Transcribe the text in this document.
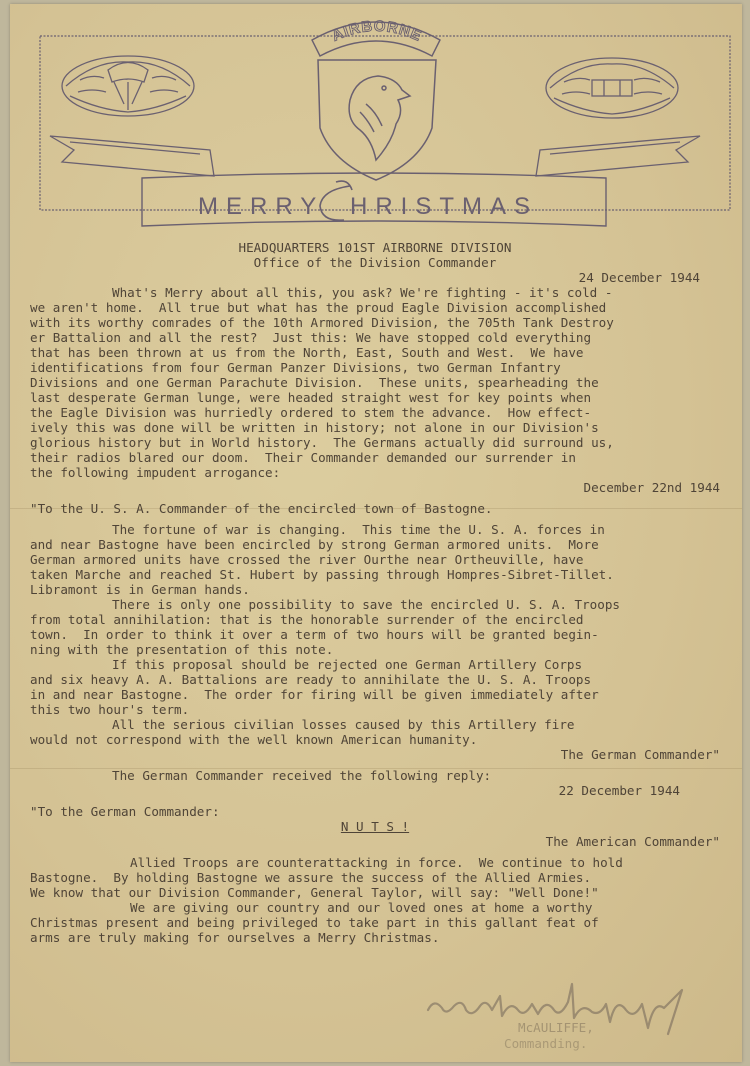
AIRBORNE
MERRY HRISTMAS
HEADQUARTERS 101ST AIRBORNE DIVISION
Office of the Division Commander
24 December 1944
What's Merry about all this, you ask? We're fighting - it's cold -
we aren't home.  All true but what has the proud Eagle Division accomplished
with its worthy comrades of the 10th Armored Division, the 705th Tank Destroy
er Battalion and all the rest?  Just this: We have stopped cold everything
that has been thrown at us from the North, East, South and West.  We have
identifications from four German Panzer Divisions, two German Infantry
Divisions and one German Parachute Division.  These units, spearheading the
last desperate German lunge, were headed straight west for key points when
the Eagle Division was hurriedly ordered to stem the advance.  How effect-
ively this was done will be written in history; not alone in our Division's
glorious history but in World history.  The Germans actually did surround us,
their radios blared our doom.  Their Commander demanded our surrender in
the following impudent arrogance:
December 22nd 1944
"To the U. S. A. Commander of the encircled town of Bastogne.
The fortune of war is changing.  This time the U. S. A. forces in
and near Bastogne have been encircled by strong German armored units.  More
German armored units have crossed the river Ourthe near Ortheuville, have
taken Marche and reached St. Hubert by passing through Hompres-Sibret-Tillet.
Libramont is in German hands.
There is only one possibility to save the encircled U. S. A. Troops
from total annihilation: that is the honorable surrender of the encircled
town.  In order to think it over a term of two hours will be granted begin-
ning with the presentation of this note.
If this proposal should be rejected one German Artillery Corps
and six heavy A. A. Battalions are ready to annihilate the U. S. A. Troops
in and near Bastogne.  The order for firing will be given immediately after
this two hour's term.
All the serious civilian losses caused by this Artillery fire
would not correspond with the well known American humanity.
The German Commander"
The German Commander received the following reply:
22 December 1944
"To the German Commander:
N U T S !
The American Commander"
Allied Troops are counterattacking in force.  We continue to hold
Bastogne.  By holding Bastogne we assure the success of the Allied Armies.
We know that our Division Commander, General Taylor, will say: "Well Done!"
We are giving our country and our loved ones at home a worthy
Christmas present and being privileged to take part in this gallant feat of
arms are truly making for ourselves a Merry Christmas.
McAULIFFE,
Commanding.
